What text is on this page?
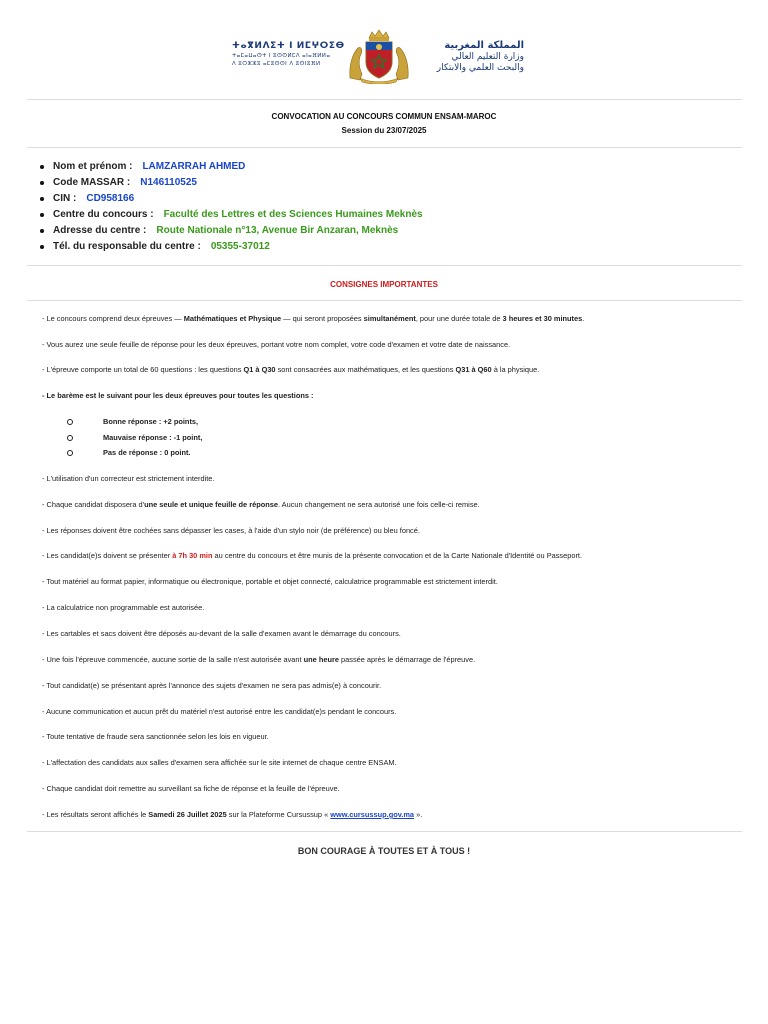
ⵜⴰⴳⵍⴷⵉⵜ ⵏ ⵍⵎⵖⵔⵉⴱ
ⵜⴰⵎⴰⵡⴰⵙⵜ ⵏ ⵓⵙⵙⵍⵎⴷ ⴰⵏⴰⴼⵍⵍⴰ
ⴷ ⵓⵔⵣⵣⵓ ⴰⵎⵓⵙⵙⵏ ⴷ ⵓⵙⵏⵓⴼⵍ
المملكة المغربية
وزارة التعليم العالي
والبحث العلمي والابتكار
CONVOCATION AU CONCOURS COMMUN ENSAM-MAROC
Session du 23/07/2025
Nom et prénom : LAMZARRAH AHMED
Code MASSAR : N146110525
CIN : CD958166
Centre du concours : Faculté des Lettres et des Sciences Humaines Meknès
Adresse du centre : Route Nationale n°13, Avenue Bir Anzaran, Meknès
Tél. du responsable du centre : 05355-37012
CONSIGNES IMPORTANTES
- Le concours comprend deux épreuves — Mathématiques et Physique — qui seront proposées simultanément, pour une durée totale de 3 heures et 30 minutes.
- Vous aurez une seule feuille de réponse pour les deux épreuves, portant votre nom complet, votre code d'examen et votre date de naissance.
- L'épreuve comporte un total de 60 questions : les questions Q1 à Q30 sont consacrées aux mathématiques, et les questions Q31 à Q60 à la physique.
- Le barème est le suivant pour les deux épreuves pour toutes les questions :
Bonne réponse : +2 points,
Mauvaise réponse : -1 point,
Pas de réponse : 0 point.
- L'utilisation d'un correcteur est strictement interdite.
- Chaque candidat disposera d'une seule et unique feuille de réponse. Aucun changement ne sera autorisé une fois celle-ci remise.
- Les réponses doivent être cochées sans dépasser les cases, à l'aide d'un stylo noir (de préférence) ou bleu foncé.
- Les candidat(e)s doivent se présenter à 7h 30 min au centre du concours et être munis de la présente convocation et de la Carte Nationale d'Identité ou Passeport.
- Tout matériel au format papier, informatique ou électronique, portable et objet connecté, calculatrice programmable est strictement interdit.
- La calculatrice non programmable est autorisée.
- Les cartables et sacs doivent être déposés au-devant de la salle d'examen avant le démarrage du concours.
- Une fois l'épreuve commencée, aucune sortie de la salle n'est autorisée avant une heure passée après le démarrage de l'épreuve.
- Tout candidat(e) se présentant après l'annonce des sujets d'examen ne sera pas admis(e) à concourir.
- Aucune communication et aucun prêt du matériel n'est autorisé entre les candidat(e)s pendant le concours.
- Toute tentative de fraude sera sanctionnée selon les lois en vigueur.
- L'affectation des candidats aux salles d'examen sera affichée sur le site internet de chaque centre ENSAM.
- Chaque candidat doit remettre au surveillant sa fiche de réponse et la feuille de l'épreuve.
- Les résultats seront affichés le Samedi 26 Juillet 2025 sur la Plateforme Cursussup « www.cursussup.gov.ma ».
BON COURAGE À TOUTES ET À TOUS !
